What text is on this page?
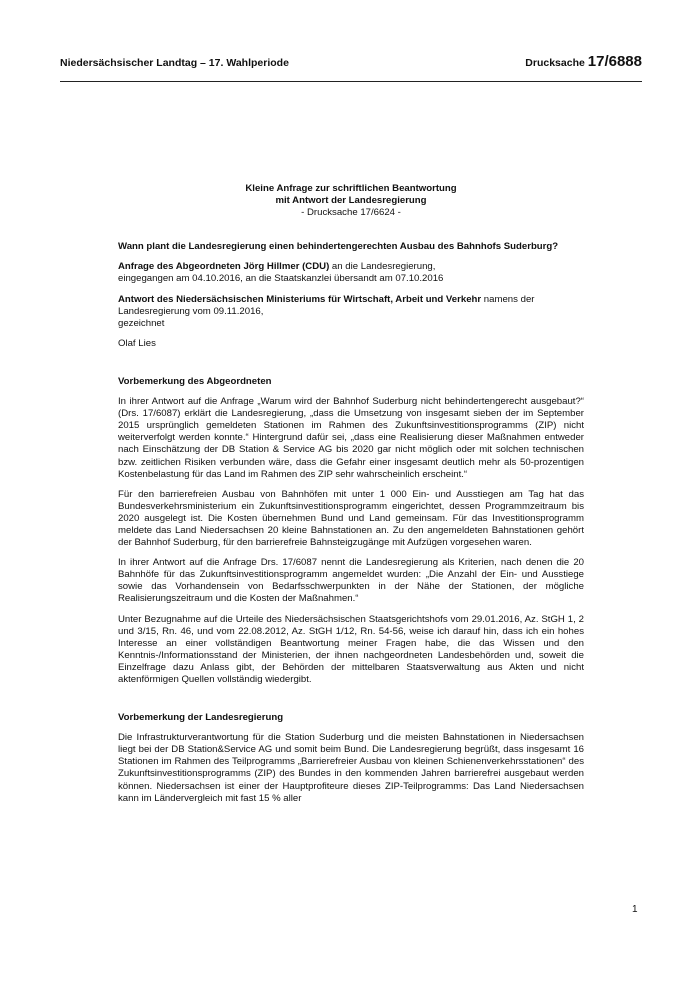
Niedersächsischer Landtag – 17. Wahlperiode	Drucksache 17/6888
Kleine Anfrage zur schriftlichen Beantwortung
mit Antwort der Landesregierung
- Drucksache 17/6624 -

Wann plant die Landesregierung einen behindertengerechten Ausbau des Bahnhofs Suderburg?

Anfrage des Abgeordneten Jörg Hillmer (CDU) an die Landesregierung,

eingegangen am 04.10.2016, an die Staatskanzlei übersandt am 07.10.2016

Antwort des Niedersächsischen Ministeriums für Wirtschaft, Arbeit und Verkehr namens der Landesregierung vom 09.11.2016,

gezeichnet

Olaf Lies

Vorbemerkung des Abgeordneten

In ihrer Antwort auf die Anfrage „Warum wird der Bahnhof Suderburg nicht behindertengerecht ausgebaut?“ (Drs. 17/6087) erklärt die Landesregierung, „dass die Umsetzung von insgesamt sieben der im September 2015 ursprünglich gemeldeten Stationen im Rahmen des Zukunftsinvestitionsprogramms (ZIP) nicht weiterverfolgt werden konnte.“ Hintergrund dafür sei, „dass eine Realisierung dieser Maßnahmen entweder nach Einschätzung der DB Station & Service AG bis 2020 gar nicht möglich oder mit solchen technischen bzw. zeitlichen Risiken verbunden wäre, dass die Gefahr einer insgesamt deutlich mehr als 50-prozentigen Kostenbelastung für das Land im Rahmen des ZIP sehr wahrscheinlich erscheint.“

Für den barrierefreien Ausbau von Bahnhöfen mit unter 1 000 Ein- und Ausstiegen am Tag hat das Bundesverkehrsministerium ein Zukunftsinvestitionsprogramm eingerichtet, dessen Programmzeitraum bis 2020 ausgelegt ist. Die Kosten übernehmen Bund und Land gemeinsam. Für das Investitionsprogramm meldete das Land Niedersachsen 20 kleine Bahnstationen an. Zu den angemeldeten Bahnstationen gehört der Bahnhof Suderburg, für den barrierefreie Bahnsteigzugänge mit Aufzügen vorgesehen waren.

In ihrer Antwort auf die Anfrage Drs. 17/6087 nennt die Landesregierung als Kriterien, nach denen die 20 Bahnhöfe für das Zukunftsinvestitionsprogramm angemeldet wurden: „Die Anzahl der Ein- und Ausstiege sowie das Vorhandensein von Bedarfsschwerpunkten in der Nähe der Stationen, der mögliche Realisierungszeitraum und die Kosten der Maßnahmen.“

Unter Bezugnahme auf die Urteile des Niedersächsischen Staatsgerichtshofs vom 29.01.2016, Az. StGH 1, 2 und 3/15, Rn. 46, und vom 22.08.2012, Az. StGH 1/12, Rn. 54-56, weise ich darauf hin, dass ich ein hohes Interesse an einer vollständigen Beantwortung meiner Fragen habe, die das Wissen und den Kenntnis-/Informationsstand der Ministerien, der ihnen nachgeordneten Landesbehörden und, soweit die Einzelfrage dazu Anlass gibt, der Behörden der mittelbaren Staatsverwaltung aus Akten und nicht aktenförmigen Quellen vollständig wiedergibt.

Vorbemerkung der Landesregierung

Die Infrastrukturverantwortung für die Station Suderburg und die meisten Bahnstationen in Niedersachsen liegt bei der DB Station&Service AG und somit beim Bund. Die Landesregierung begrüßt, dass insgesamt 16 Stationen im Rahmen des Teilprogramms „Barrierefreier Ausbau von kleinen Schienenverkehrsstationen“ des Zukunftsinvestitionsprogramms (ZIP) des Bundes in den kommenden Jahren barrierefrei ausgebaut werden können. Niedersachsen ist einer der Hauptprofiteure dieses ZIP-Teilprogramms: Das Land Niedersachsen kann im Ländervergleich mit fast 15 % aller

1
